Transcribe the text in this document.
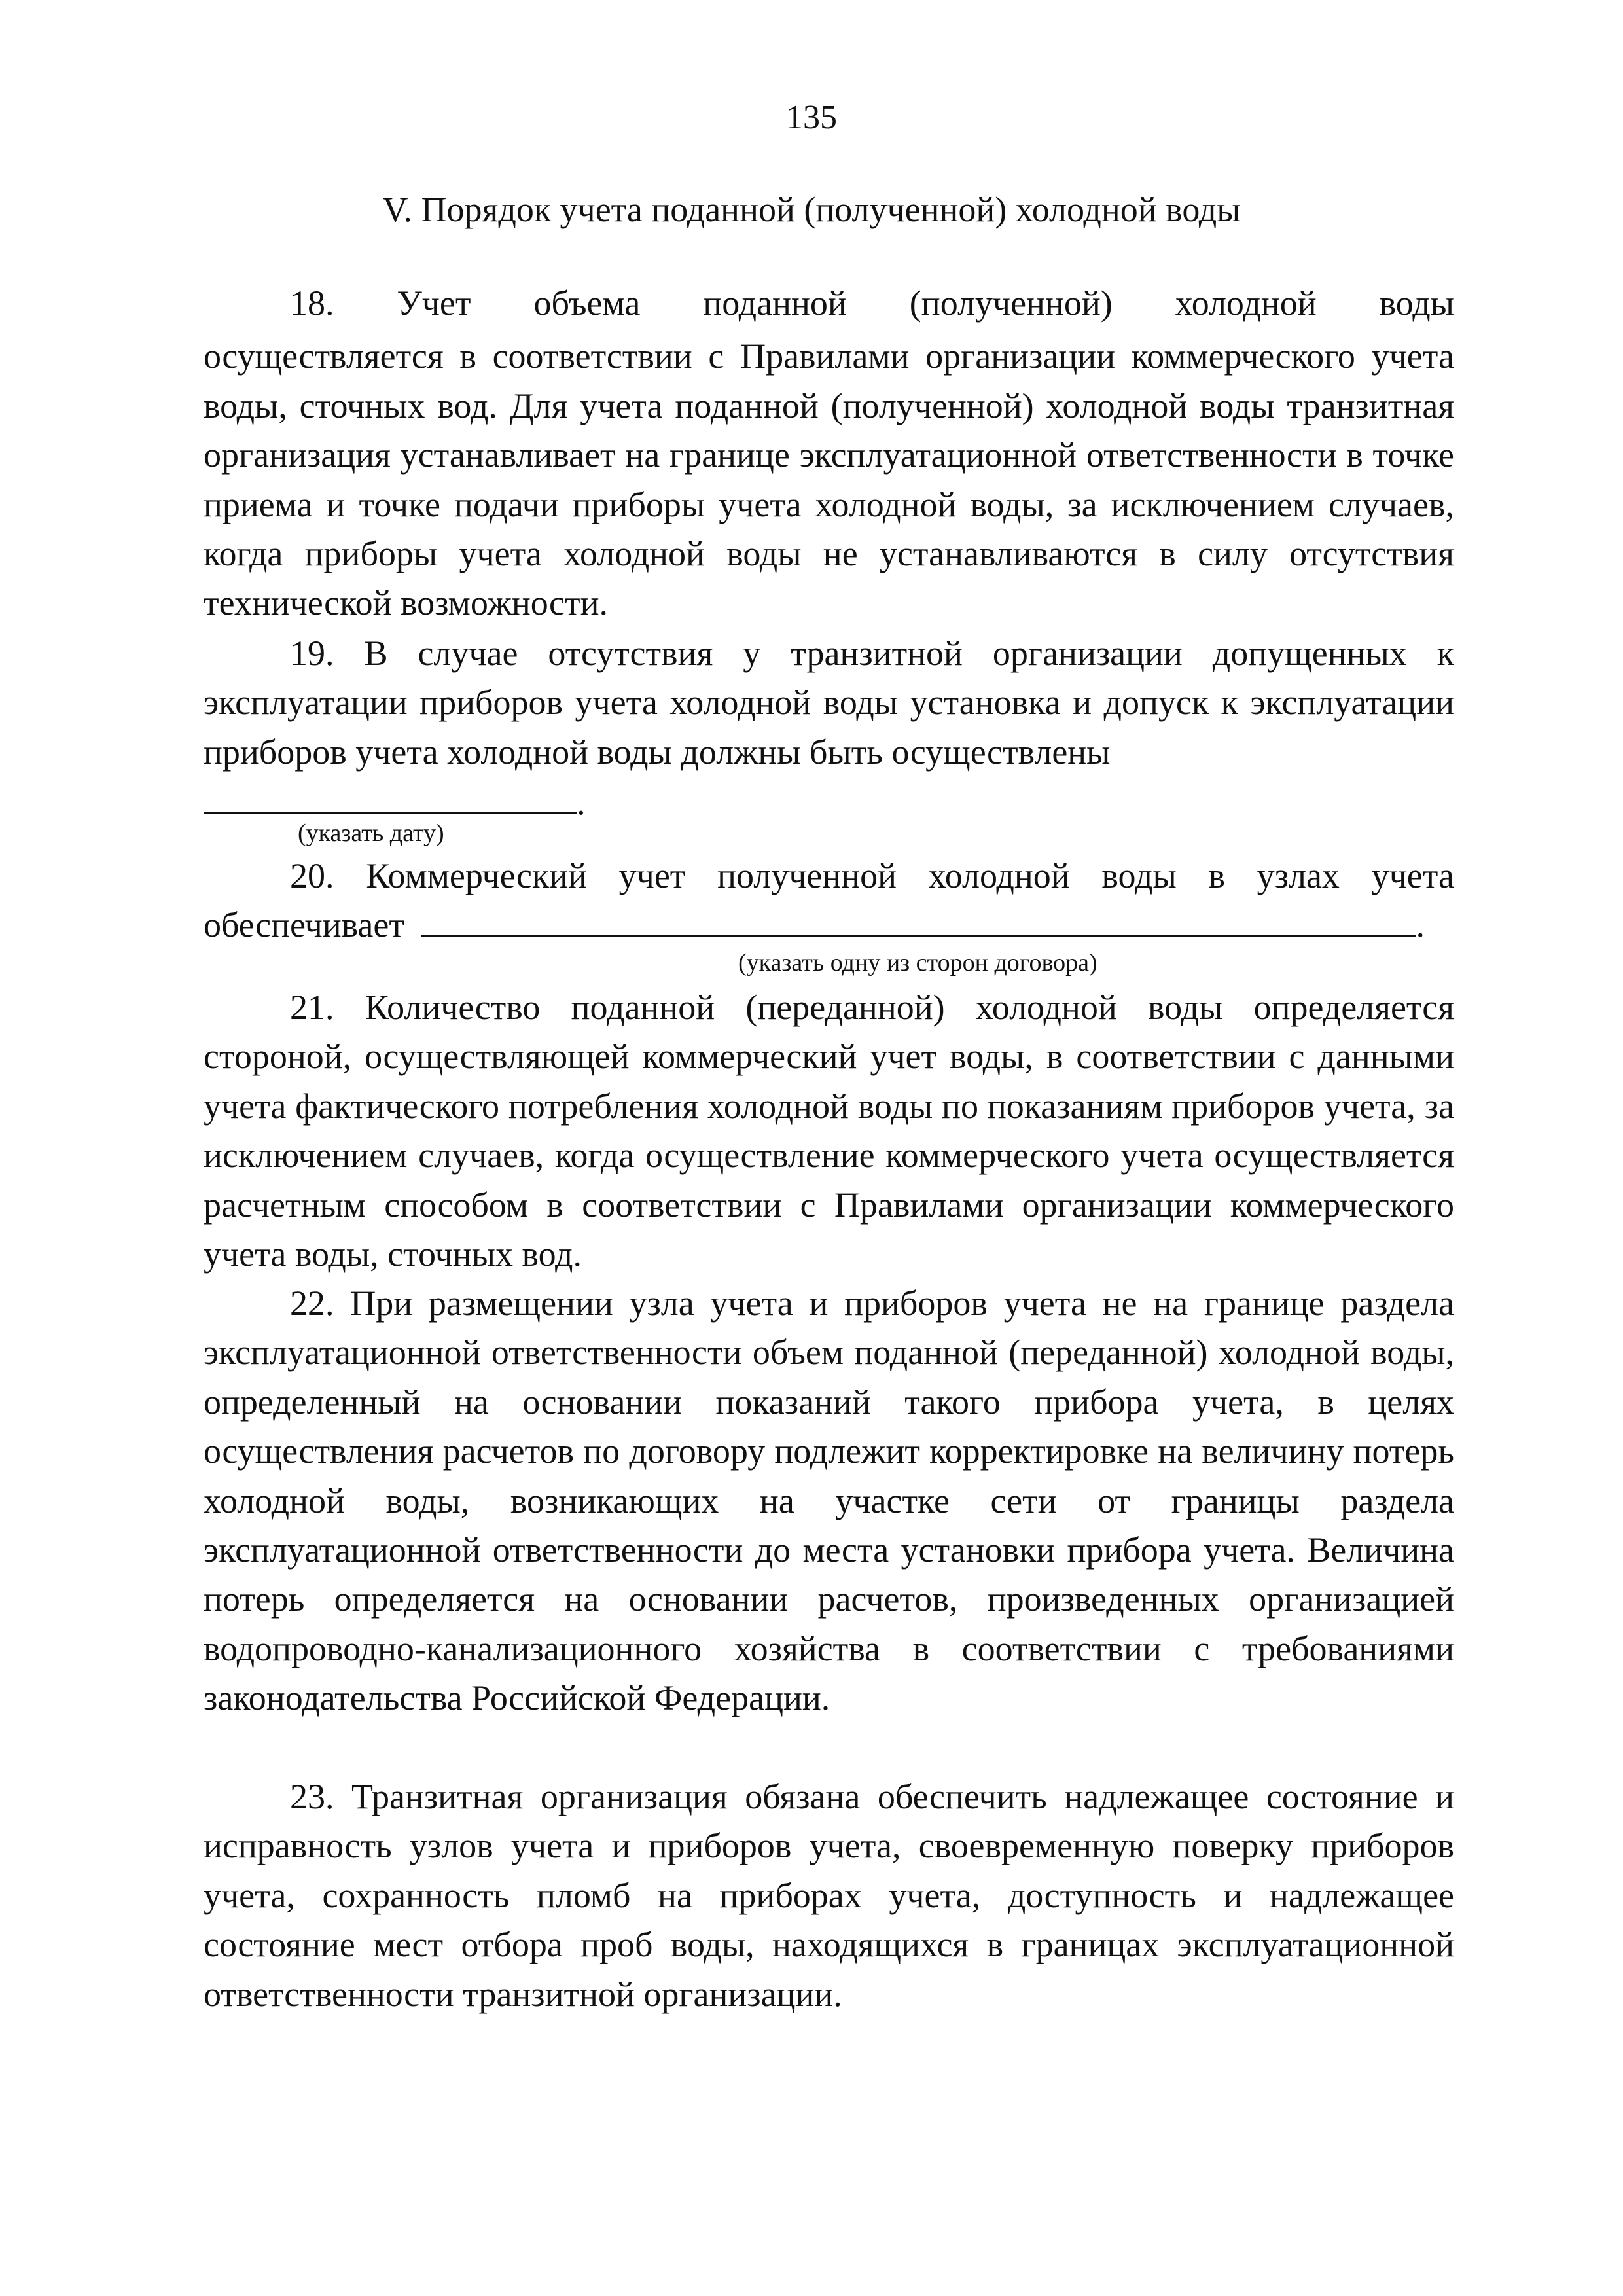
135
V. Порядок учета поданной (полученной) холодной воды
18. Учет объема поданной (полученной) холодной воды

осуществляется в соответствии с Правилами организации коммерческого учета воды, сточных вод. Для учета поданной (полученной) холодной воды транзитная организация устанавливает на границе эксплуатационной ответственности в точке приема и точке подачи приборы учета холодной воды, за исключением случаев, когда приборы учета холодной воды не устанавливаются в силу отсутствия технической возможности.

19. В случае отсутствия у транзитной организации допущенных к эксплуатации приборов учета холодной воды установка и допуск к эксплуатации приборов учета холодной воды должны быть осуществлены

.
(указать дату)
20. Коммерческий учет полученной холодной воды в узлах учета
обеспечивает	.
(указать одну из сторон договора)

21. Количество поданной (переданной) холодной воды определяется стороной, осуществляющей коммерческий учет воды, в соответствии с данными учета фактического потребления холодной воды по показаниям приборов учета, за исключением случаев, когда осуществление коммерческого учета осуществляется расчетным способом в соответствии с Правилами организации коммерческого учета воды, сточных вод.

22. При размещении узла учета и приборов учета не на границе раздела эксплуатационной ответственности объем поданной (переданной) холодной воды, определенный на основании показаний такого прибора учета, в целях осуществления расчетов по договору подлежит корректировке на величину потерь холодной воды, возникающих на участке сети от границы раздела эксплуатационной ответственности до места установки прибора учета. Величина потерь определяется на основании расчетов, произведенных организацией водопроводно-канализационного хозяйства в соответствии с требованиями законодательства Российской Федерации.

23. Транзитная организация обязана обеспечить надлежащее состояние и исправность узлов учета и приборов учета, своевременную поверку приборов учета, сохранность пломб на приборах учета, доступность и надлежащее состояние мест отбора проб воды, находящихся в границах эксплуатационной ответственности транзитной организации.
